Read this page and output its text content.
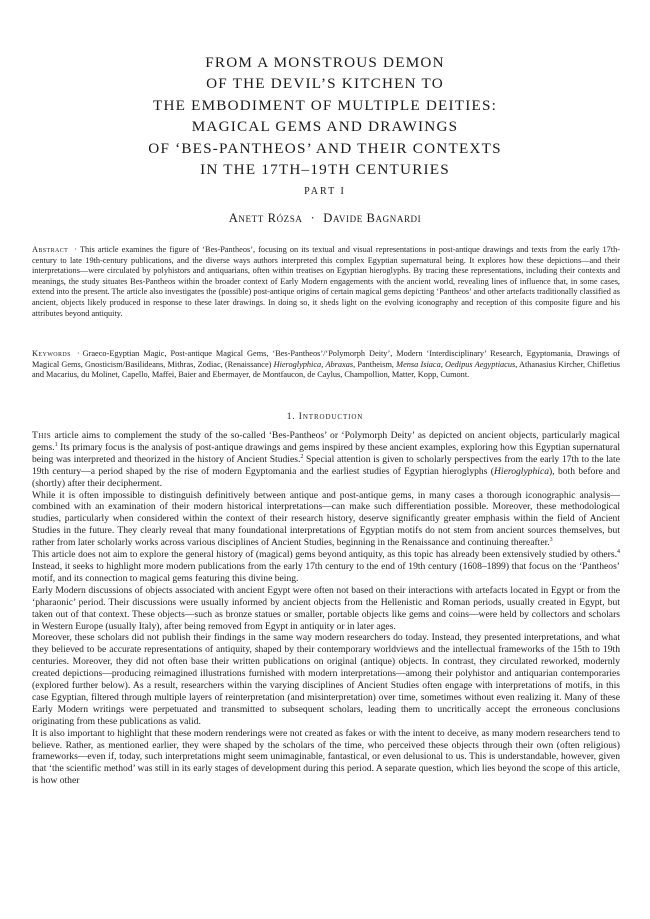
FROM A MONSTROUS DEMON
OF THE DEVIL’S KITCHEN TO
THE EMBODIMENT OF MULTIPLE DEITIES:
MAGICAL GEMS AND DRAWINGS
OF ‘BES-PANTHEOS’ AND THEIR CONTEXTS
IN THE 17TH–19TH CENTURIES
PART I
Anett Rózsa · Davide Bagnardi
Abstract · This article examines the figure of ‘Bes-Pantheos’, focusing on its textual and visual representations in post-antique drawings and texts from the early 17th-century to late 19th-century publications, and the diverse ways authors interpreted this complex Egyptian supernatural being. It explores how these depictions—and their interpretations—were circulated by polyhistors and antiquarians, often within treatises on Egyptian hieroglyphs. By tracing these representations, including their contexts and meanings, the study situates Bes-Pantheos within the broader context of Early Modern engagements with the ancient world, revealing lines of influence that, in some cases, extend into the present. The article also investigates the (possible) post-antique origins of certain magical gems depicting ‘Pantheos’ and other artefacts traditionally classified as ancient, objects likely produced in response to these later drawings. In doing so, it sheds light on the evolving iconography and reception of this composite figure and his attributes beyond antiquity.
Keywords · Graeco-Egyptian Magic, Post-antique Magical Gems, ‘Bes-Pantheos’/‘Polymorph Deity’, Modern ‘Interdisciplinary’ Research, Egyptomania, Drawings of Magical Gems, Gnosticism/Basilideans, Mithras, Zodiac, (Renaissance) Hieroglyphica, Abraxas, Pantheism, Mensa Isiaca, Oedipus Aegyptiacus, Athanasius Kircher, Chifletius and Macarius, du Molinet, Capello, Maffei, Baier and Ebermayer, de Montfaucon, de Caylus, Champollion, Matter, Kopp, Cumont.
1. Introduction

This article aims to complement the study of the so-called ‘Bes-Pantheos’ or ‘Polymorph Deity’ as depicted on ancient objects, particularly magical gems.$^1$ Its primary focus is the analysis of post-antique drawings and gems inspired by these ancient examples, exploring how this Egyptian supernatural being was interpreted and theorized in the history of Ancient Studies.$^2$ Special attention is given to scholarly perspectives from the early 17th to the late 19th century—a period shaped by the rise of modern Egyptomania and the earliest studies of Egyptian hieroglyphs (Hieroglyphica), both before and (shortly) after their decipherment.

While it is often impossible to distinguish definitively between antique and post-antique gems, in many cases a thorough iconographic analysis—combined with an examination of their modern historical interpretations—can make such differentiation possible. Moreover, these methodological studies, particularly when considered within the context of their research history, deserve significantly greater emphasis within the field of Ancient Studies in the future. They clearly reveal that many foundational interpretations of Egyptian motifs do not stem from ancient sources themselves, but rather from later scholarly works across various disciplines of Ancient Studies, beginning in the Renaissance and continuing thereafter.$^3$

This article does not aim to explore the general history of (magical) gems beyond antiquity, as this topic has already been extensively studied by others.$^4$ Instead, it seeks to highlight more modern publications from the early 17th century to the end of 19th century (1608–1899) that focus on the ‘Pantheos’ motif, and its connection to magical gems featuring this divine being.

Early Modern discussions of objects associated with ancient Egypt were often not based on their interactions with artefacts located in Egypt or from the ‘pharaonic’ period. Their discussions were usually informed by ancient objects from the Hellenistic and Roman periods, usually created in Egypt, but taken out of that context. These objects—such as bronze statues or smaller, portable objects like gems and coins—were held by collectors and scholars in Western Europe (usually Italy), after being removed from Egypt in antiquity or in later ages.

Moreover, these scholars did not publish their findings in the same way modern researchers do today. Instead, they presented interpretations, and what they believed to be accurate representations of antiquity, shaped by their contemporary worldviews and the intellectual frameworks of the 15th to 19th centuries. Moreover, they did not often base their written publications on original (antique) objects. In contrast, they circulated reworked, modernly created depictions—producing reimagined illustrations furnished with modern interpretations—among their polyhistor and antiquarian contemporaries (explored further below). As a result, researchers within the varying disciplines of Ancient Studies often engage with interpretations of motifs, in this case Egyptian, filtered through multiple layers of reinterpretation (and misinterpretation) over time, sometimes without even realizing it. Many of these Early Modern writings were perpetuated and transmitted to subsequent scholars, leading them to uncritically accept the erroneous conclusions originating from these publications as valid.

It is also important to highlight that these modern renderings were not created as fakes or with the intent to deceive, as many modern researchers tend to believe. Rather, as mentioned earlier, they were shaped by the scholars of the time, who perceived these objects through their own (often religious) frameworks—even if, today, such interpretations might seem unimaginable, fantastical, or even delusional to us. This is understandable, however, given that ‘the scientific method’ was still in its early stages of development during this period. A separate question, which lies beyond the scope of this article, is how other
